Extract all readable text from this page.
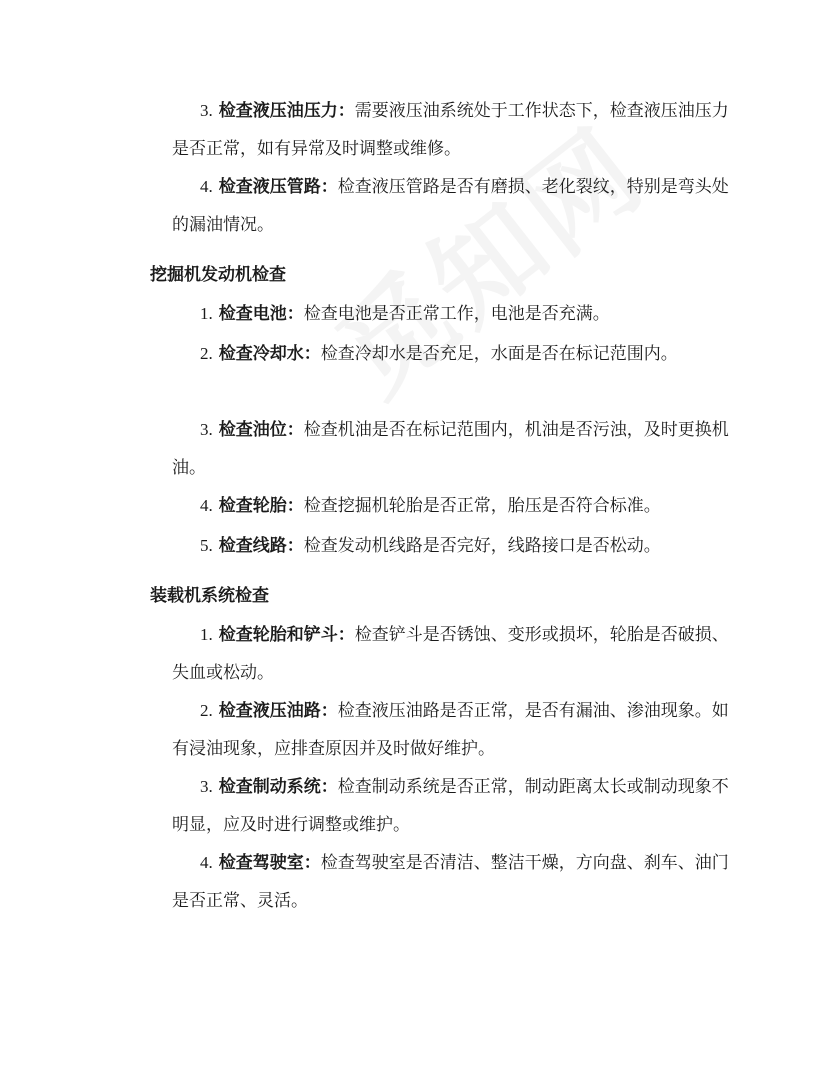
3. 检查液压油压力：需要液压油系统处于工作状态下，检查液压油压力是否正常，如有异常及时调整或维修。

4. 检查液压管路：检查液压管路是否有磨损、老化裂纹，特别是弯头处的漏油情况。

挖掘机发动机检查

1. 检查电池：检查电池是否正常工作，电池是否充满。

2. 检查冷却水：检查冷却水是否充足，水面是否在标记范围内。

3. 检查油位：检查机油是否在标记范围内，机油是否污浊，及时更换机油。

4. 检查轮胎：检查挖掘机轮胎是否正常，胎压是否符合标准。

5. 检查线路：检查发动机线路是否完好，线路接口是否松动。

装载机系统检查

1. 检查轮胎和铲斗：检查铲斗是否锈蚀、变形或损坏，轮胎是否破损、失血或松动。

2. 检查液压油路：检查液压油路是否正常，是否有漏油、渗油现象。如有浸油现象，应排查原因并及时做好维护。

3. 检查制动系统：检查制动系统是否正常，制动距离太长或制动现象不明显，应及时进行调整或维护。

4. 检查驾驶室：检查驾驶室是否清洁、整洁干燥，方向盘、刹车、油门是否正常、灵活。
